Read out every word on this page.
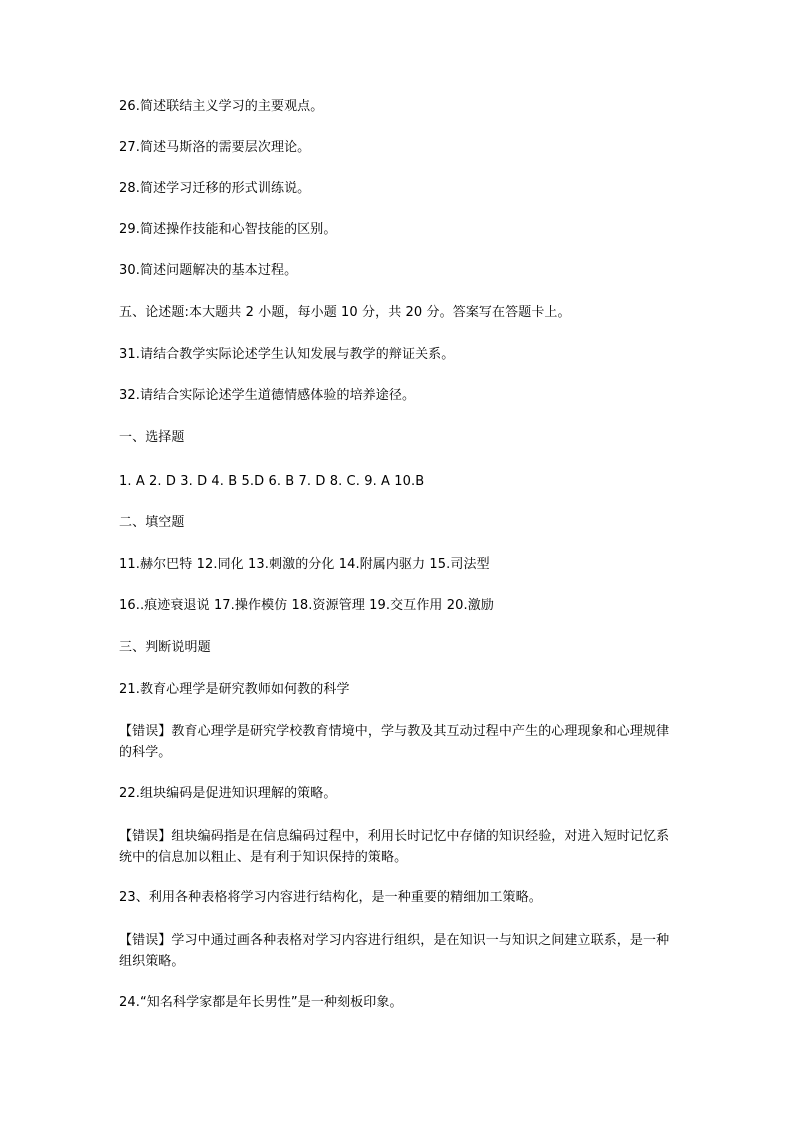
26.简述联结主义学习的主要观点。
27.简述马斯洛的需要层次理论。
28.简述学习迁移的形式训练说。
29.简述操作技能和心智技能的区别。
30.简述问题解决的基本过程。
五、论述题:本大题共 2 小题，每小题 10 分，共 20 分。答案写在答题卡上。
31.请结合教学实际论述学生认知发展与教学的辩证关系。
32.请结合实际论述学生道德情感体验的培养途径。
一、选择题
1. A 2. D 3. D 4. B 5.D 6. B 7. D 8. C. 9. A 10.B
二、填空题
11.赫尔巴特 12.同化 13.刺激的分化 14.附属内驱力 15.司法型
16..痕迹衰退说 17.操作模仿 18.资源管理 19.交互作用 20.激励
三、判断说明题
21.教育心理学是研究教师如何教的科学
【错误】教育心理学是研究学校教育情境中，学与教及其互动过程中产生的心理现象和心理规律的科学。
22.组块编码是促进知识理解的策略。
【错误】组块编码指是在信息编码过程中，利用长时记忆中存储的知识经验，对进入短时记忆系统中的信息加以粗止、是有利于知识保持的策略。
23、利用各种表格将学习内容进行结构化，是一种重要的精细加工策略。
【错误】学习中通过画各种表格对学习内容进行组织，是在知识一与知识之间建立联系，是一种组织策略。
24.“知名科学家都是年长男性”是一种刻板印象。
